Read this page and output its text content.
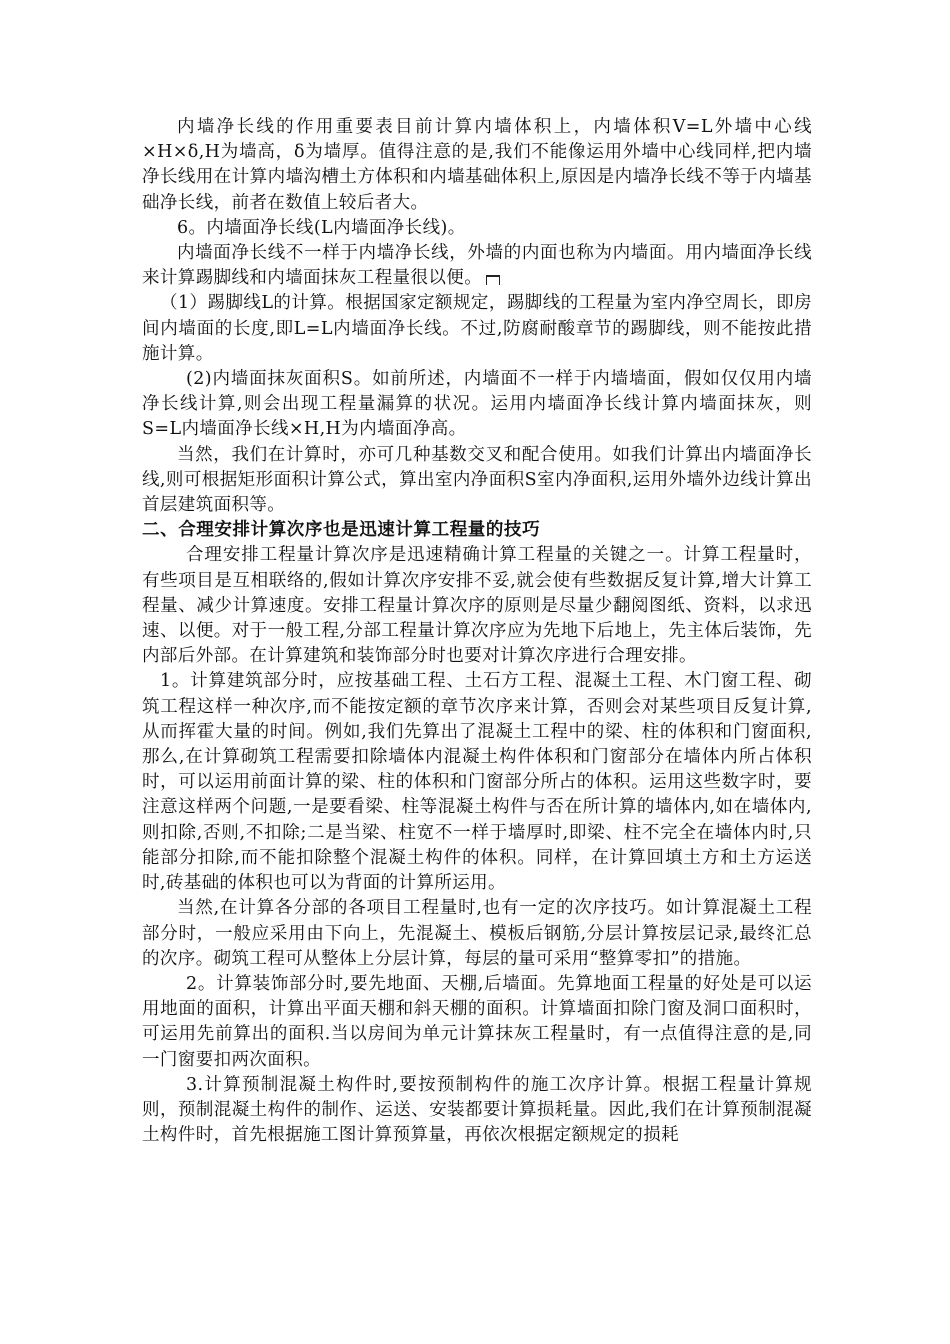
内墙净长线的作用重要表目前计算内墙体积上，内墙体积V=L外墙中心线×H×δ,H为墙高，δ为墙厚。值得注意的是,我们不能像运用外墙中心线同样,把内墙净长线用在计算内墙沟槽土方体积和内墙基础体积上,原因是内墙净长线不等于内墙基础净长线，前者在数值上较后者大。

6。内墙面净长线(L内墙面净长线)。

内墙面净长线不一样于内墙净长线，外墙的内面也称为内墙面。用内墙面净长线来计算踢脚线和内墙面抹灰工程量很以便。

（1）踢脚线L的计算。根据国家定额规定，踢脚线的工程量为室内净空周长，即房间内墙面的长度,即L=L内墙面净长线。不过,防腐耐酸章节的踢脚线，则不能按此措施计算。

(2)内墙面抹灰面积S。如前所述，内墙面不一样于内墙墙面，假如仅仅用内墙净长线计算,则会出现工程量漏算的状况。运用内墙面净长线计算内墙面抹灰，则S=L内墙面净长线×H,H为内墙面净高。

当然，我们在计算时，亦可几种基数交叉和配合使用。如我们计算出内墙面净长线,则可根据矩形面积计算公式，算出室内净面积S室内净面积,运用外墙外边线计算出首层建筑面积等。

二、合理安排计算次序也是迅速计算工程量的技巧

合理安排工程量计算次序是迅速精确计算工程量的关键之一。计算工程量时，有些项目是互相联络的,假如计算次序安排不妥,就会使有些数据反复计算,增大计算工程量、减少计算速度。安排工程量计算次序的原则是尽量少翻阅图纸、资料，以求迅速、以便。对于一般工程,分部工程量计算次序应为先地下后地上，先主体后装饰，先内部后外部。在计算建筑和装饰部分时也要对计算次序进行合理安排。

1。计算建筑部分时，应按基础工程、土石方工程、混凝土工程、木门窗工程、砌筑工程这样一种次序,而不能按定额的章节次序来计算，否则会对某些项目反复计算,从而挥霍大量的时间。例如,我们先算出了混凝土工程中的梁、柱的体积和门窗面积,那么,在计算砌筑工程需要扣除墙体内混凝土构件体积和门窗部分在墙体内所占体积时，可以运用前面计算的梁、柱的体积和门窗部分所占的体积。运用这些数字时，要注意这样两个问题,一是要看梁、柱等混凝土构件与否在所计算的墙体内,如在墙体内,则扣除,否则,不扣除;二是当梁、柱宽不一样于墙厚时,即梁、柱不完全在墙体内时,只能部分扣除,而不能扣除整个混凝土构件的体积。同样，在计算回填土方和土方运送时,砖基础的体积也可以为背面的计算所运用。

当然,在计算各分部的各项目工程量时,也有一定的次序技巧。如计算混凝土工程部分时，一般应采用由下向上，先混凝土、模板后钢筋,分层计算按层记录,最终汇总的次序。砌筑工程可从整体上分层计算，每层的量可采用“整算零扣”的措施。

2。计算装饰部分时,要先地面、天棚,后墙面。先算地面工程量的好处是可以运用地面的面积，计算出平面天棚和斜天棚的面积。计算墙面扣除门窗及洞口面积时，可运用先前算出的面积.当以房间为单元计算抹灰工程量时，有一点值得注意的是,同一门窗要扣两次面积。

3.计算预制混凝土构件时,要按预制构件的施工次序计算。根据工程量计算规则，预制混凝土构件的制作、运送、安装都要计算损耗量。因此,我们在计算预制混凝土构件时，首先根据施工图计算预算量，再依次根据定额规定的损耗
